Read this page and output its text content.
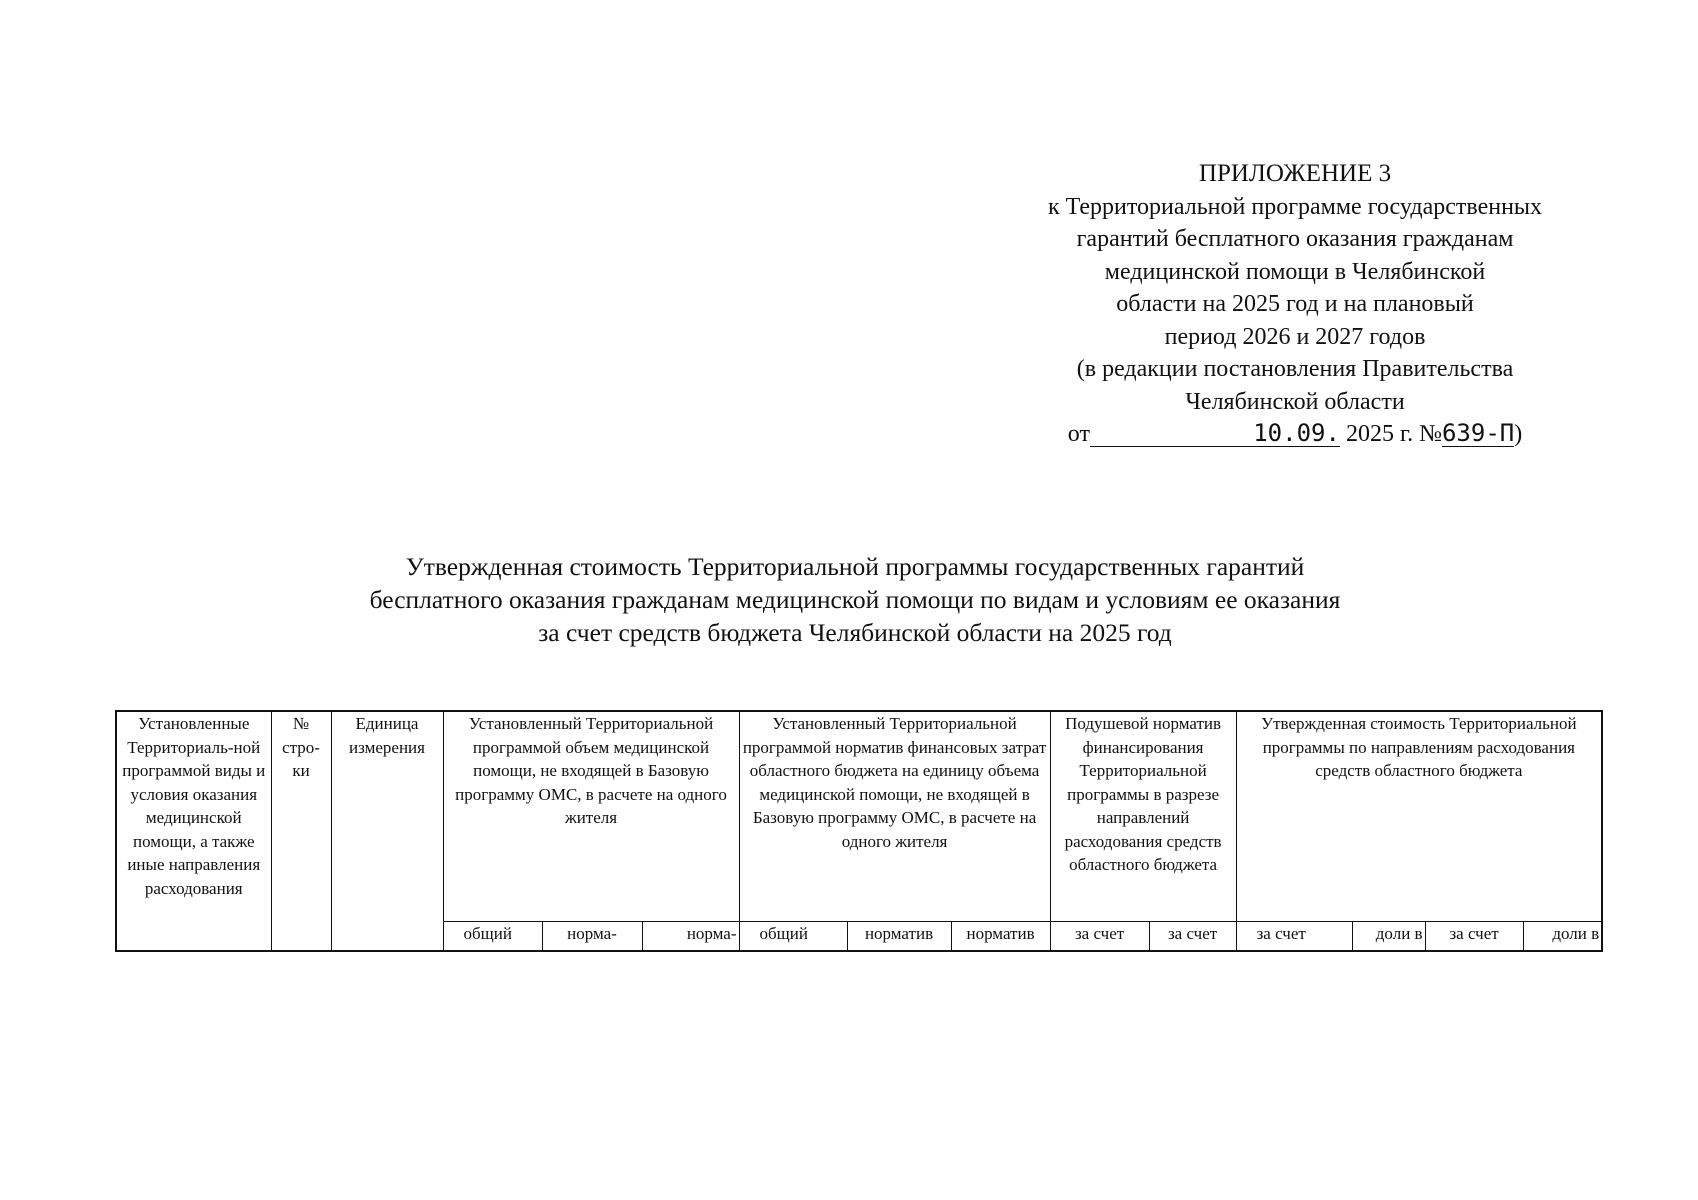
ПРИЛОЖЕНИЕ 3
к Территориальной программе государственных
гарантий бесплатного оказания гражданам
медицинской помощи в Челябинской
области на 2025 год и на плановый
период 2026 и 2027 годов
(в редакции постановления Правительства
Челябинской области
от	10.09. 2025 г. №639-П)
Утвержденная стоимость Территориальной программы государственных гарантий
бесплатного оказания гражданам медицинской помощи по видам и условиям ее оказания
за счет средств бюджета Челябинской области на 2025 год
Установленные Территориаль-ной программой виды и условия оказания медицинской помощи, а также иные направления расходования	№ стро-ки	Единица измерения	Установленный Территориальной программой объем медицинской помощи, не входящей в Базовую программу ОМС, в расчете на одного жителя			Установленный Территориальной программой норматив финансовых затрат областного бюджета на единицу объема медицинской помощи, не входящей в Базовую программу ОМС, в расчете на одного жителя			Подушевой норматив финансирования Территориальной программы в разрезе направлений расходования средств областного бюджета		Утвержденная стоимость Территориальной программы по направлениям расходования средств областного бюджета			
			общий	норма-	норма-	общий	норматив	норматив	за счет	за счет	за счет	доли в	за счет	доли в
